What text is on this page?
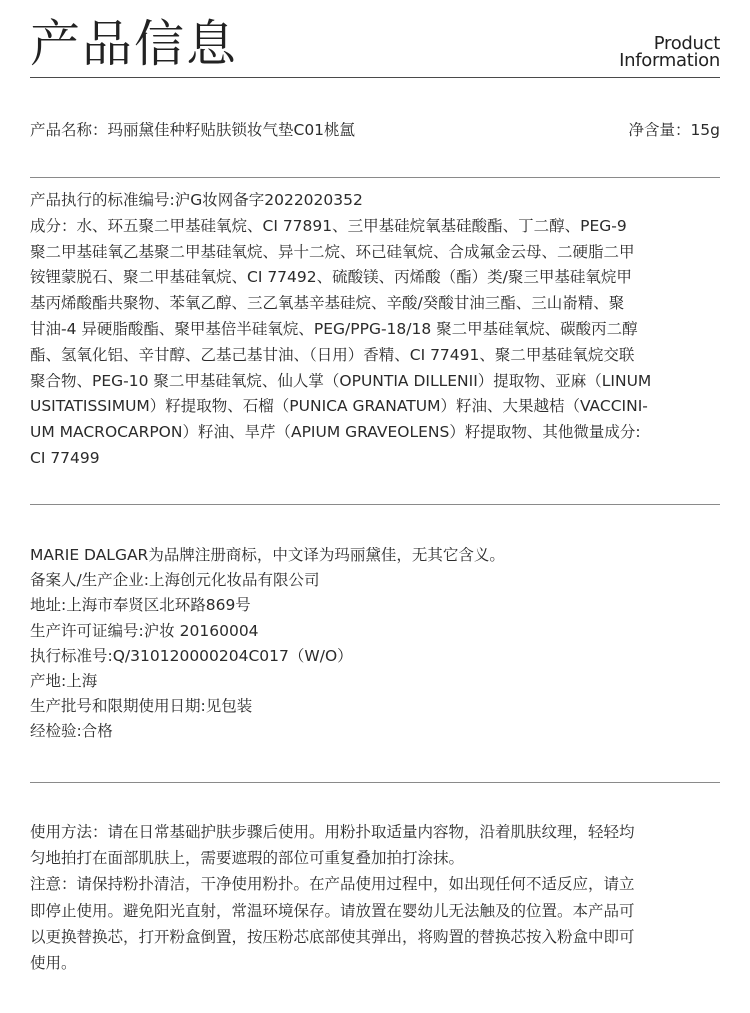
产品信息	Product
Information
产品名称：玛丽黛佳种籽贴肤锁妆气垫C01桃氲	净含量：15g
产品执行的标准编号:沪G妆网备字2022020352
成分：水、环五聚二甲基硅氧烷、CI 77891、三甲基硅烷氧基硅酸酯、丁二醇、PEG-9
聚二甲基硅氧乙基聚二甲基硅氧烷、异十二烷、环己硅氧烷、合成氟金云母、二硬脂二甲
铵锂蒙脱石、聚二甲基硅氧烷、CI 77492、硫酸镁、丙烯酸（酯）类/聚三甲基硅氧烷甲
基丙烯酸酯共聚物、苯氧乙醇、三乙氧基辛基硅烷、辛酸/癸酸甘油三酯、三山嵛精、聚
甘油-4 异硬脂酸酯、聚甲基倍半硅氧烷、PEG/PPG-18/18 聚二甲基硅氧烷、碳酸丙二醇
酯、氢氧化铝、辛甘醇、乙基己基甘油、（日用）香精、CI 77491、聚二甲基硅氧烷交联
聚合物、PEG-10 聚二甲基硅氧烷、仙人掌（OPUNTIA DILLENII）提取物、亚麻（LINUM
USITATISSIMUM）籽提取物、石榴（PUNICA GRANATUM）籽油、大果越桔（VACCINI-
UM MACROCARPON）籽油、旱芹（APIUM GRAVEOLENS）籽提取物、其他微量成分:
CI 77499
MARIE DALGAR为品牌注册商标，中文译为玛丽黛佳，无其它含义。
备案人/生产企业:上海创元化妆品有限公司
地址:上海市奉贤区北环路869号
生产许可证编号:沪妆 20160004
执行标准号:Q/310120000204C017（W/O）
产地:上海
生产批号和限期使用日期:见包装
经检验:合格
使用方法：请在日常基础护肤步骤后使用。用粉扑取适量内容物，沿着肌肤纹理，轻轻均
匀地拍打在面部肌肤上，需要遮瑕的部位可重复叠加拍打涂抹。
注意：请保持粉扑清洁，干净使用粉扑。在产品使用过程中，如出现任何不适反应，请立
即停止使用。避免阳光直射，常温环境保存。请放置在婴幼儿无法触及的位置。本产品可
以更换替换芯，打开粉盒倒置，按压粉芯底部使其弹出，将购置的替换芯按入粉盒中即可
使用。
